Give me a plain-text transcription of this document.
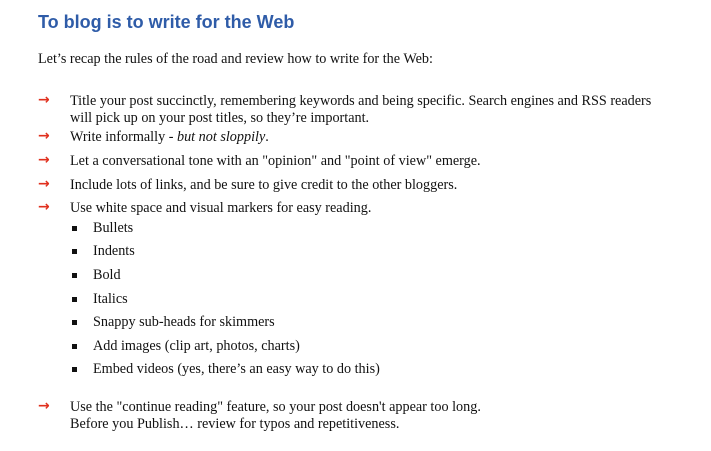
To blog is to write for the Web

Let’s recap the rules of the road and review how to write for the Web:

→ Title your post succinctly, remembering keywords and being specific. Search engines and RSS readers
will pick up on your post titles, so they’re important.
→ Write informally - but not sloppily.
→ Let a conversational tone with an "opinion" and "point of view" emerge.
→ Include lots of links, and be sure to give credit to the other bloggers.
→ Use white space and visual markers for easy reading.
Bullets
Indents
Bold
Italics
Snappy sub-heads for skimmers
Add images (clip art, photos, charts)
Embed videos (yes, there’s an easy way to do this)
→ Use the "continue reading" feature, so your post doesn't appear too long.
Before you Publish… review for typos and repetitiveness.
